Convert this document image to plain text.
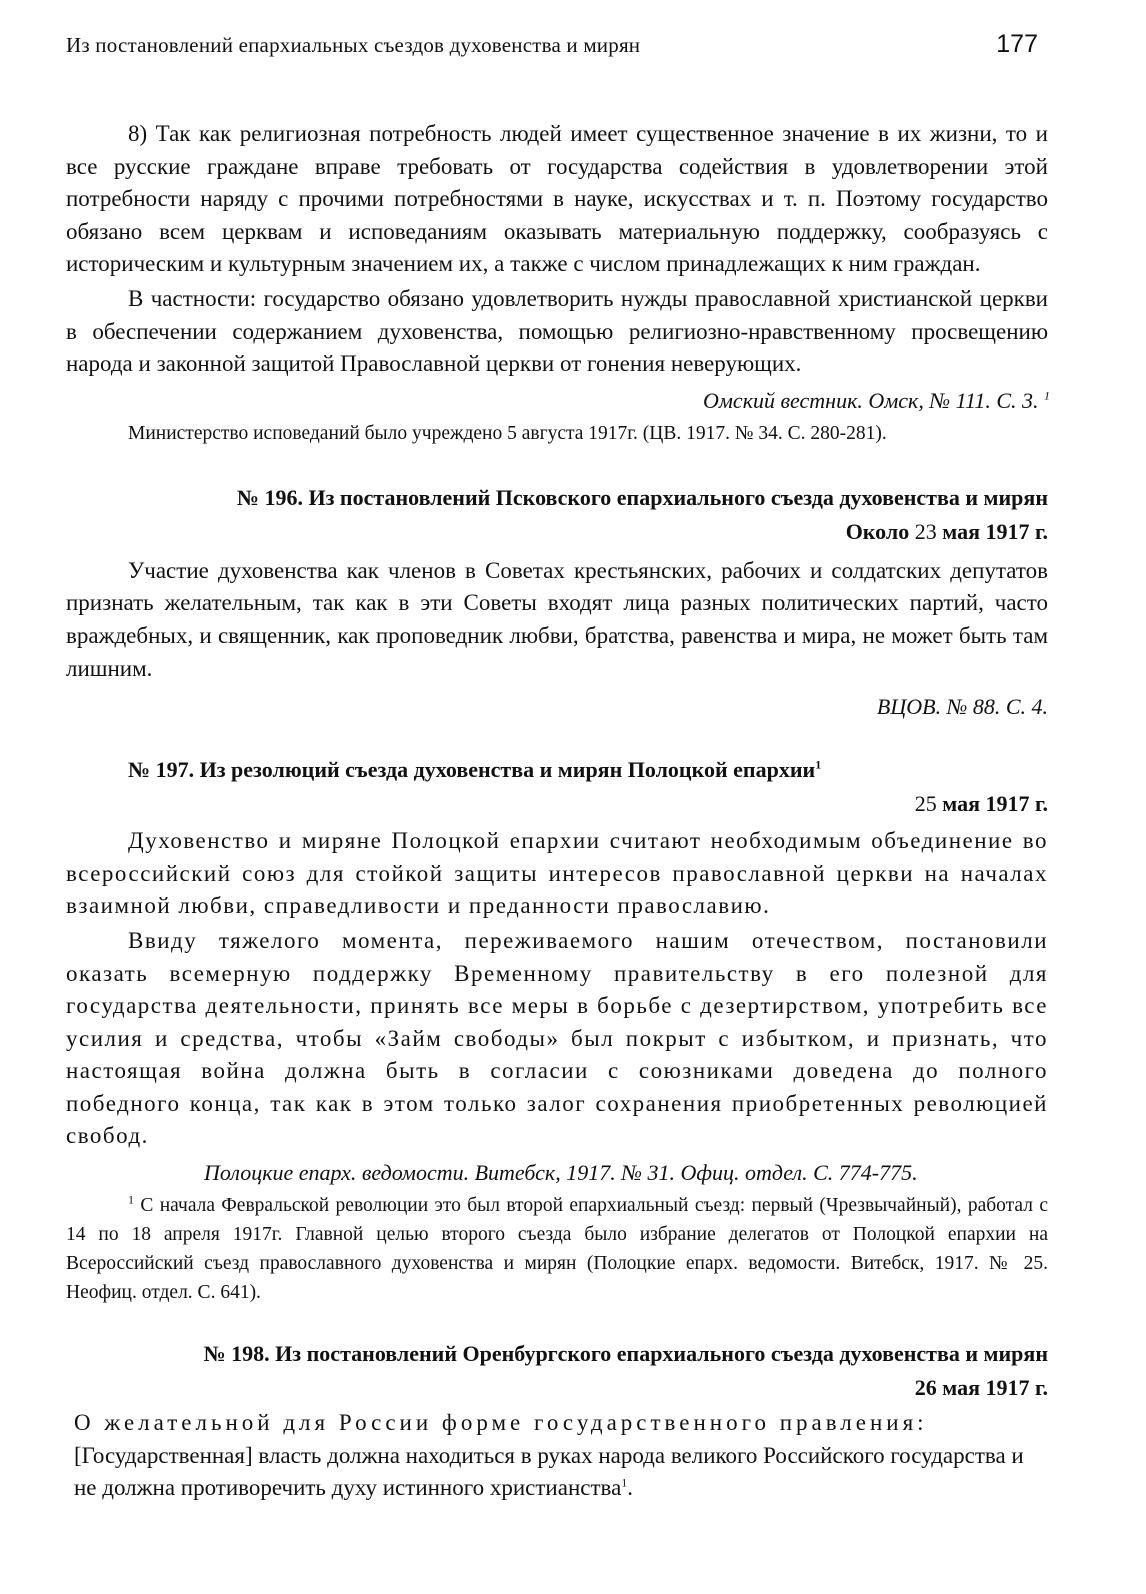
Из постановлений епархиальных съездов духовенства и мирян	177

8) Так как религиозная потребность людей имеет существенное значение в их жизни, то и все русские граждане вправе требовать от государства содействия в удовлетворении этой потребности наряду с прочими потребностями в науке, искусствах и т. п. Поэтому государство обязано всем церквам и исповеданиям оказывать материальную поддержку, сообразуясь с историческим и культурным значением их, а также с числом принадлежащих к ним граждан.

В частности: государство обязано удовлетворить нужды православной христианской церкви в обеспечении содержанием духовенства, помощью религиозно-нравственному просвещению народа и законной защитой Православной церкви от гонения неверующих.

Омский вестник. Омск, № 111. С. 3. $^1$

Министерство исповеданий было учреждено 5 августа 1917г. (ЦВ. 1917. № 34. С. 280-281).

№ 196. Из постановлений Псковского епархиального съезда духовенства и мирян

Около 23 мая 1917 г.

Участие духовенства как членов в Советах крестьянских, рабочих и солдатских депутатов признать желательным, так как в эти Советы входят лица разных политических партий, часто враждебных, и священник, как проповедник любви, братства, равенства и мира, не может быть там лишним.

ВЦОВ. № 88. С. 4.

№ 197. Из резолюций съезда духовенства и мирян Полоцкой епархии$^1$

25 мая 1917 г.

Духовенство и миряне Полоцкой епархии считают необходимым объединение во всероссийский союз для стойкой защиты интересов православной церкви на началах взаимной любви, справедливости и преданности православию.

Ввиду тяжелого момента, переживаемого нашим отечеством, постановили оказать всемерную поддержку Временному правительству в его полезной для государства деятельности, принять все меры в борьбе с дезертирством, употребить все усилия и средства, чтобы «Займ свободы» был покрыт с избытком, и признать, что настоящая война должна быть в согласии с союзниками доведена до полного победного конца, так как в этом только залог сохранения приобретенных революцией свобод.

Полоцкие епарх. ведомости. Витебск, 1917. № 31. Офиц. отдел. С. 774-775.

$^1$ С начала Февральской революции это был второй епархиальный съезд: первый (Чрезвычайный), работал с 14 по 18 апреля 1917г. Главной целью второго съезда было избрание делегатов от Полоцкой епархии на Всероссийский съезд православного духовенства и мирян (Полоцкие епарх. ведомости. Витебск, 1917. № 25. Неофиц. отдел. С. 641).

№ 198. Из постановлений Оренбургского епархиального съезда духовенства и мирян

26 мая 1917 г.

О желательной для России форме государственного правления:

[Государственная] власть должна находиться в руках народа великого Российского государства и не должна противоречить духу истинного христианства$^1$.
